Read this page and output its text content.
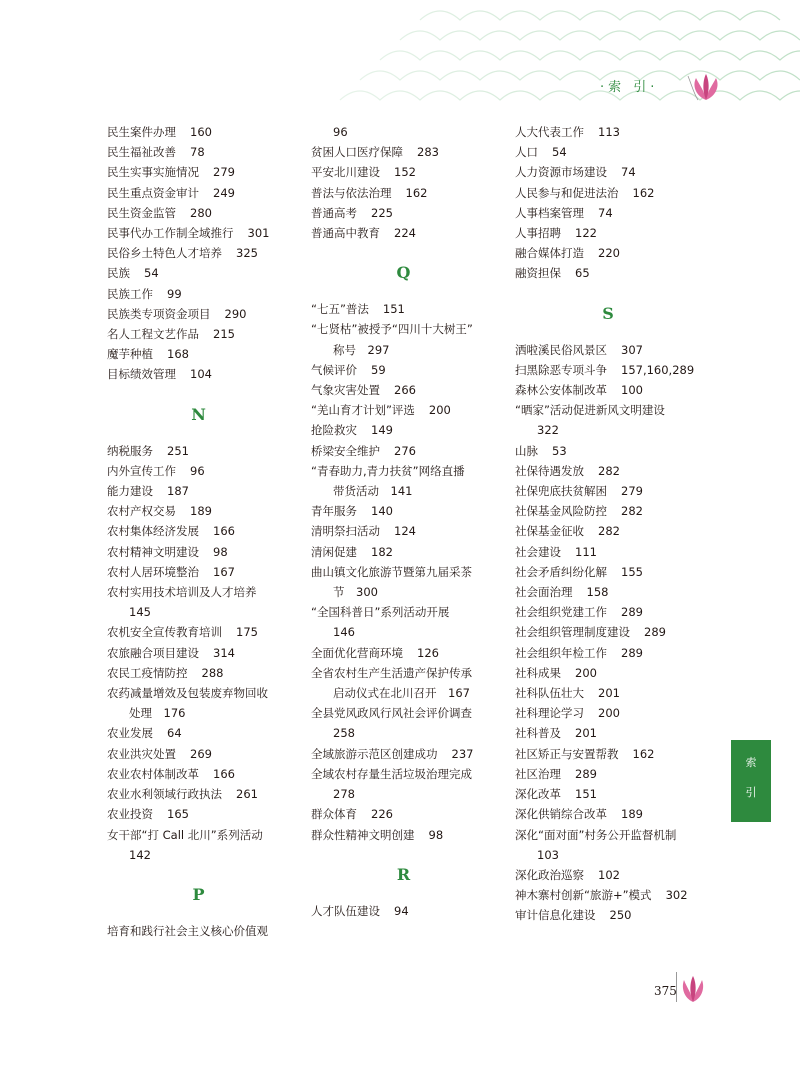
·索 引·
民生案件办理 160
民生福祉改善 78
民生实事实施情况 279
民生重点资金审计 249
民生资金监管 280
民事代办工作制全域推行 301
民俗乡土特色人才培养 325
民族 54
民族工作 99
民族类专项资金项目 290
名人工程文艺作品 215
魔芋种植 168
目标绩效管理 104
N
纳税服务 251
内外宣传工作 96
能力建设 187
农村产权交易 189
农村集体经济发展 166
农村精神文明建设 98
农村人居环境整治 167
农村实用技术培训及人才培养
145
农机安全宣传教育培训 175
农旅融合项目建设 314
农民工疫情防控 288
农药减量增效及包装废弃物回收
处理　176
农业发展 64
农业洪灾处置 269
农业农村体制改革 166
农业水利领域行政执法 261
农业投资 165
女干部“打 Call 北川”系列活动
142
P
培育和践行社会主义核心价值观
96
贫困人口医疗保障 283
平安北川建设 152
普法与依法治理 162
普通高考 225
普通高中教育 224
Q
“七五”普法 151
“七贤枯”被授予“四川十大树王”
称号　297
气候评价 59
气象灾害处置 266
“羌山育才计划”评选 200
抢险救灾 149
桥梁安全维护 276
“青春助力,青力扶贫”网络直播
带货活动　141
青年服务 140
清明祭扫活动 124
清闲促建 182
曲山镇文化旅游节暨第九届采茶
节　300
“全国科普日”系列活动开展
146
全面优化营商环境 126
全省农村生产生活遗产保护传承
启动仪式在北川召开　167
全县党风政风行风社会评价调查
258
全域旅游示范区创建成功 237
全域农村存量生活垃圾治理完成
278
群众体育 226
群众性精神文明创建 98
R
人才队伍建设 94
人大代表工作 113
人口 54
人力资源市场建设 74
人民参与和促进法治 162
人事档案管理 74
人事招聘 122
融合媒体打造 220
融资担保 65
S
洒啦溪民俗风景区 307
扫黑除恶专项斗争 157,160,289
森林公安体制改革 100
“晒家”活动促进新风文明建设
322
山脉 53
社保待遇发放 282
社保兜底扶贫解困 279
社保基金风险防控 282
社保基金征收 282
社会建设 111
社会矛盾纠纷化解 155
社会面治理 158
社会组织党建工作 289
社会组织管理制度建设 289
社会组织年检工作 289
社科成果 200
社科队伍壮大 201
社科理论学习 200
社科普及 201
社区矫正与安置帮教 162
社区治理 289
深化改革 151
深化供销综合改革 189
深化“面对面”村务公开监督机制
103
深化政治巡察 102
神木寨村创新“旅游+”模式 302
审计信息化建设 250
索
引
375
